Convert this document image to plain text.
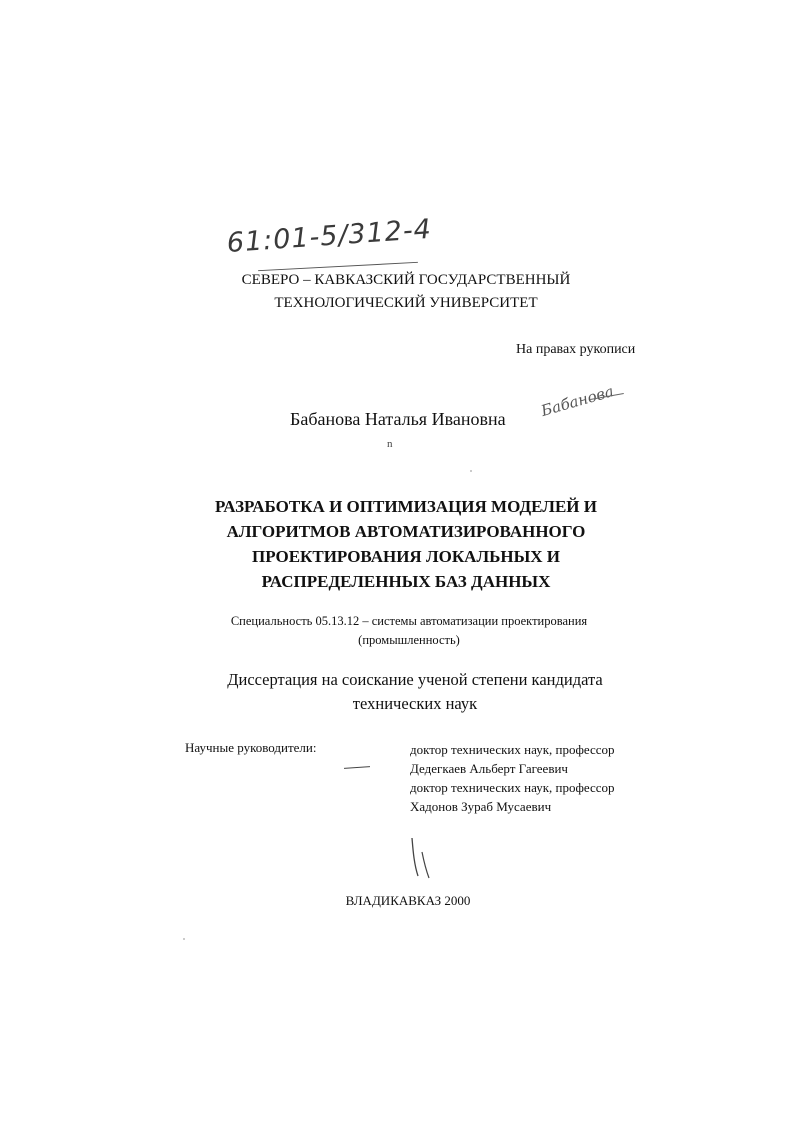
61:01-5/312-4
СЕВЕРО – КАВКАЗСКИЙ ГОСУДАРСТВЕННЫЙ
ТЕХНОЛОГИЧЕСКИЙ УНИВЕРСИТЕТ
На правах рукописи
Бабанова Наталья Ивановна Бабанова
n
РАЗРАБОТКА И ОПТИМИЗАЦИЯ МОДЕЛЕЙ И
АЛГОРИТМОВ АВТОМАТИЗИРОВАННОГО
ПРОЕКТИРОВАНИЯ ЛОКАЛЬНЫХ И
РАСПРЕДЕЛЕННЫХ БАЗ ДАННЫХ
Специальность 05.13.12 – системы автоматизации проектирования
(промышленность)
Диссертация на соискание ученой степени кандидата
технических наук
Научные руководители:	доктор технических наук, профессор
Дедегкаев Альберт Гагеевич
доктор технических наук, профессор
Хадонов Зураб Мусаевич
ВЛАДИКАВКАЗ 2000
